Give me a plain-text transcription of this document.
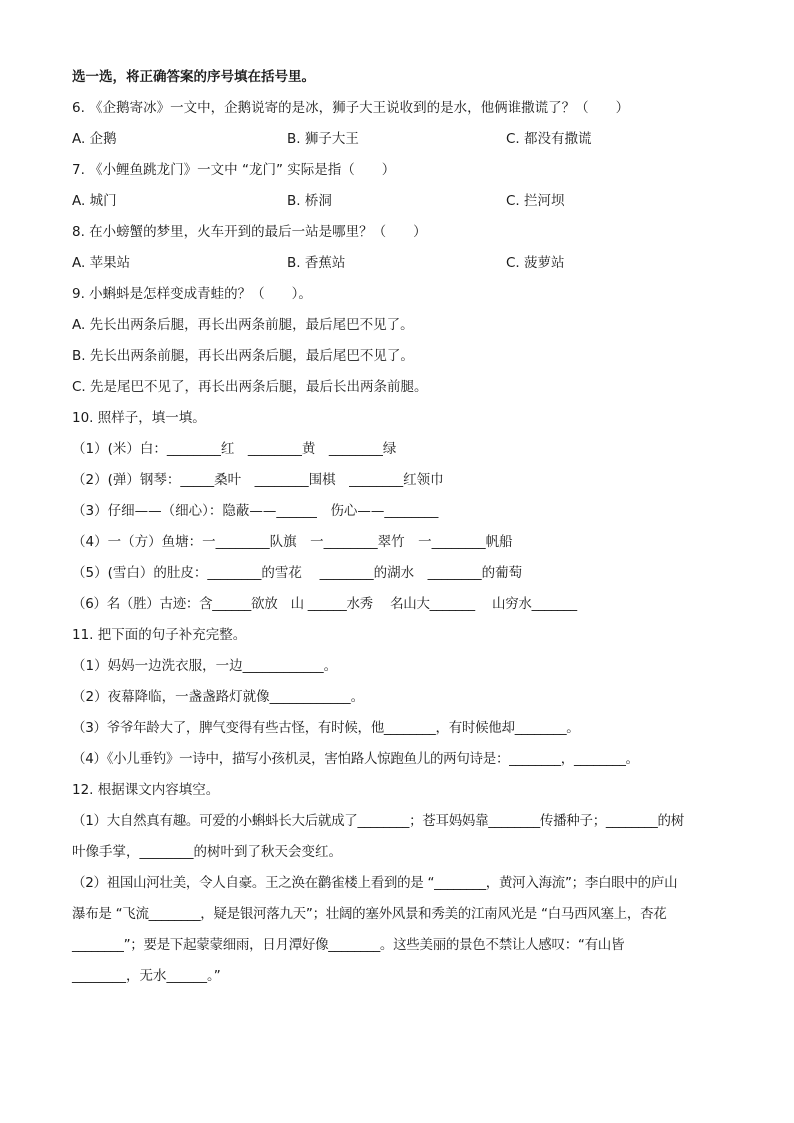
选一选，将正确答案的序号填在括号里。
6. 《企鹅寄冰》一文中，企鹅说寄的是冰，狮子大王说收到的是水，他俩谁撒谎了？（　　）
A. 企鹅	B. 狮子大王	C. 都没有撒谎
7. 《小鲤鱼跳龙门》一文中 “龙门” 实际是指（　　）
A. 城门	B. 桥洞	C. 拦河坝
8. 在小螃蟹的梦里，火车开到的最后一站是哪里？（　　）
A. 苹果站	B. 香蕉站	C. 菠萝站
9. 小蝌蚪是怎样变成青蛙的？（　　）。
A. 先长出两条后腿，再长出两条前腿，最后尾巴不见了。
B. 先长出两条前腿，再长出两条后腿，最后尾巴不见了。
C. 先是尾巴不见了，再长出两条后腿，最后长出两条前腿。
10. 照样子，填一填。
（1）(米）白：________红　________黄　________绿
（2）(弹）钢琴：_____桑叶　________围棋　________红领巾
（3）仔细——（细心）：隐蔽——______　伤心——________
（4）一（方）鱼塘：一________队旗　一________翠竹　一________帆船
（5）(雪白）的肚皮：________的雪花　 ________的湖水　________的葡萄
（6）名（胜）古迹：含______欲放　山 ______水秀　 名山大_______　 山穷水_______
11. 把下面的句子补充完整。
（1）妈妈一边洗衣服，一边____________。
（2）夜幕降临，一盏盏路灯就像____________。
（3）爷爷年龄大了，脾气变得有些古怪，有时候，他________，有时候他却________。
（4）《小儿垂钓》一诗中，描写小孩机灵，害怕路人惊跑鱼儿的两句诗是：________，________。
12. 根据课文内容填空。
（1）大自然真有趣。可爱的小蝌蚪长大后就成了________；苍耳妈妈靠________传播种子；________的树
叶像手掌，________的树叶到了秋天会变红。
（2）祖国山河壮美，令人自豪。王之涣在鹳雀楼上看到的是 “________，黄河入海流”；李白眼中的庐山
瀑布是 “飞流________，疑是银河落九天”；壮阔的塞外风景和秀美的江南风光是 “白马西风塞上，杏花
________”；要是下起蒙蒙细雨，日月潭好像________。这些美丽的景色不禁让人感叹：“有山皆
________，无水______。”
